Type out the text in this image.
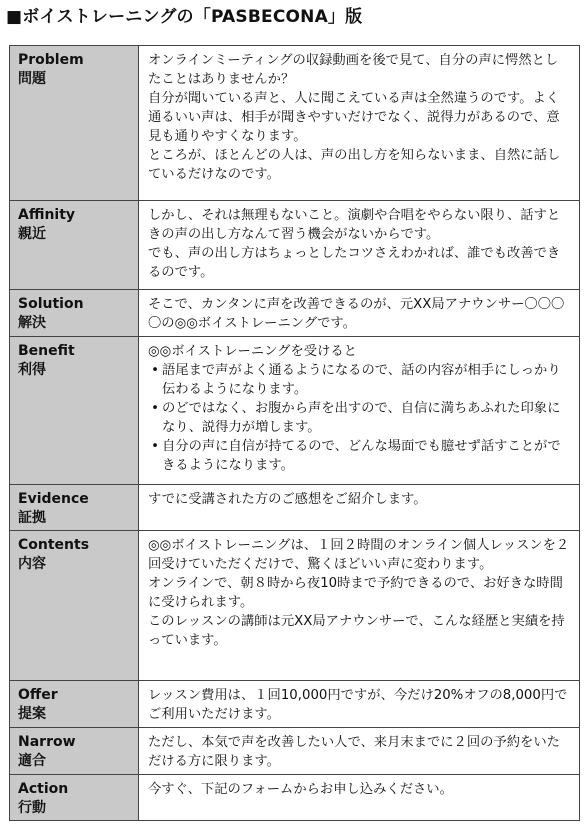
■ボイストレーニングの「PASBECONA」版
Problem
問題	オンラインミーティングの収録動画を後で見て、自分の声に愕然としたことはありませんか？
自分が聞いている声と、人に聞こえている声は全然違うのです。よく通るいい声は、相手が聞きやすいだけでなく、説得力があるので、意見も通りやすくなります。
ところが、ほとんどの人は、声の出し方を知らないまま、自然に話しているだけなのです。

Affinity
親近	しかし、それは無理もないこと。演劇や合唱をやらない限り、話すときの声の出し方なんて習う機会がないからです。
でも、声の出し方はちょっとしたコツさえわかれば、誰でも改善できるのです。

Solution
解決	そこで、カンタンに声を改善できるのが、元XX局アナウンサー〇〇〇〇の◎◎ボイストレーニングです。

Benefit
利得	◎◎ボイストレーニングを受けると
• 語尾まで声がよく通るようになるので、話の内容が相手にしっかり伝わるようになります。
• のどではなく、お腹から声を出すので、自信に満ちあふれた印象になり、説得力が増します。
• 自分の声に自信が持てるので、どんな場面でも臆せず話すことができるようになります。

Evidence
証拠	すでに受講された方のご感想をご紹介します。

Contents
内容	◎◎ボイストレーニングは、１回２時間のオンライン個人レッスンを２回受けていただくだけで、驚くほどいい声に変わります。
オンラインで、朝８時から夜10時まで予約できるので、お好きな時間に受けられます。
このレッスンの講師は元XX局アナウンサーで、こんな経歴と実績を持っています。

Offer
提案	レッスン費用は、１回10,000円ですが、今だけ20%オフの8,000円でご利用いただけます。

Narrow
適合	ただし、本気で声を改善したい人で、来月末までに２回の予約をいただける方に限ります。

Action
行動	今すぐ、下記のフォームからお申し込みください。
